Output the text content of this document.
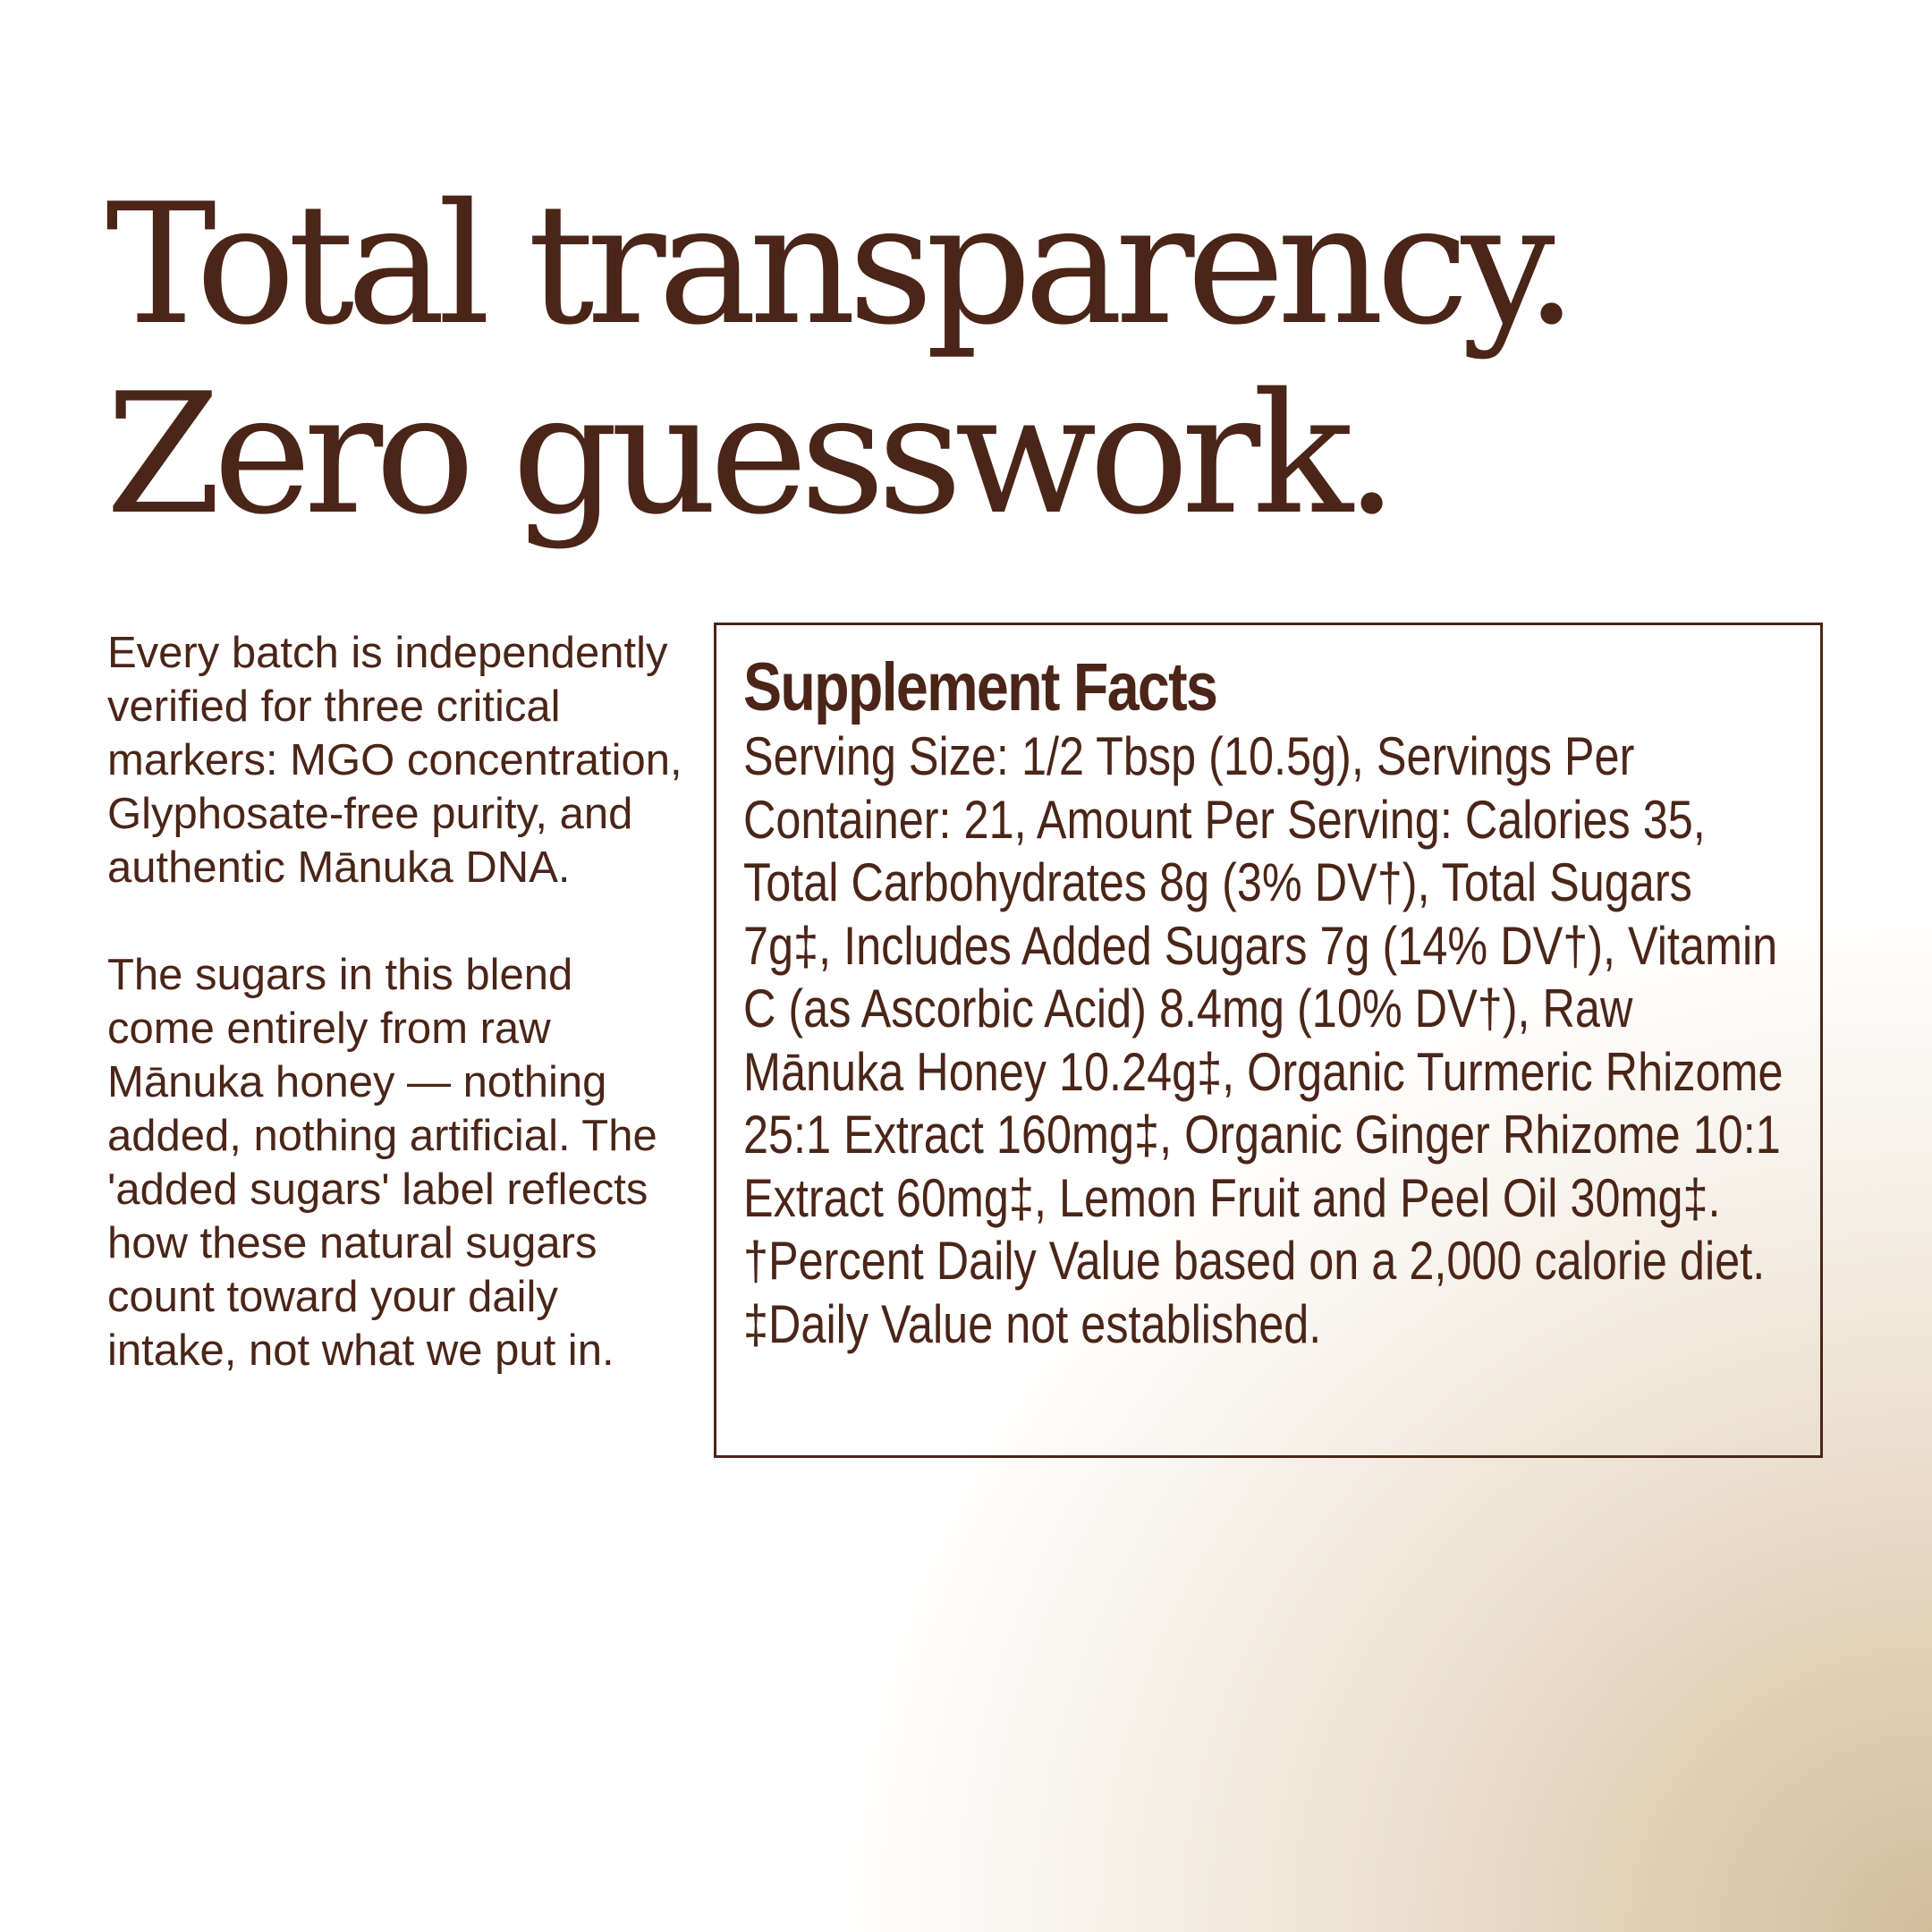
Total transparency.
Zero guesswork.

Every batch is independently verified for three critical markers: MGO concentration, Glyphosate-free purity, and authentic Mānuka DNA.

The sugars in this blend come entirely from raw Mānuka honey — nothing added, nothing artificial. The 'added sugars' label reflects how these natural sugars count toward your daily intake, not what we put in.

Supplement Facts

Serving Size: 1/2 Tbsp (10.5g), Servings Per Container: 21, Amount Per Serving: Calories 35, Total Carbohydrates 8g (3% DV†), Total Sugars 7g‡, Includes Added Sugars 7g (14% DV†), Vitamin C (as Ascorbic Acid) 8.4mg (10% DV†), Raw Mānuka Honey 10.24g‡, Organic Turmeric Rhizome 25:1 Extract 160mg‡, Organic Ginger Rhizome 10:1 Extract 60mg‡, Lemon Fruit and Peel Oil 30mg‡.

†Percent Daily Value based on a 2,000 calorie diet. ‡Daily Value not established.
